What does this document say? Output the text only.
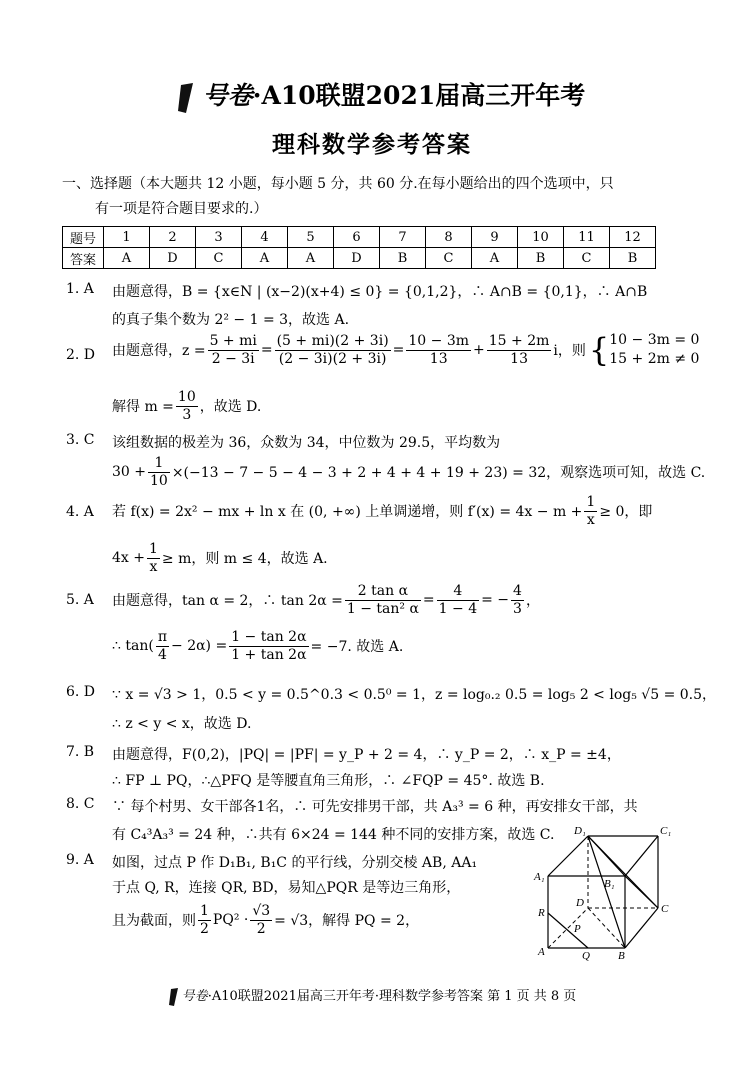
号卷·A10联盟2021届高三开年考
理科数学参考答案
一、选择题（本大题共 12 小题，每小题 5 分，共 60 分.在每小题给出的四个选项中，只
有一项是符合题目要求的.）
题号	1	2	3	4	5	6	7	8	9	10	11	12
答案	A	D	C	A	A	D	B	C	A	B	C	B
1. A 由题意得，B = {x∈N | (x−2)(x+4) ≤ 0} = {0,1,2}，∴ A∩B = {0,1}，∴ A∩B
的真子集个数为 2² − 1 = 3，故选 A.
2. D 由题意得，$z = \frac{5 + mi}{2 - 3i} = \frac{(5 + mi)(2 + 3i)}{(2 - 3i)(2 + 3i)} = \frac{10 - 3m}{13} + \frac{15 + 2m}{13}$ i，则 { 10 − 3m = 0
15 + 2m ≠ 0
解得 $m = \frac{10}{3}$ ，故选 D.
3. C 该组数据的极差为 36，众数为 34，中位数为 29.5，平均数为
$30 + \frac{1}{10} \times(-13 - 7 - 5 - 4 - 3 + 2 + 4 + 4 + 19 + 23) = 32$，观察选项可知，故选 C.
4. A 若 f(x) = 2x² − mx + ln x 在 (0, +∞) 上单调递增，则 $f'(x) = 4x - m + \frac{1}{x} \ge 0$，即
$4x + \frac{1}{x} \ge m$，则 m ≤ 4，故选 A.
5. A 由题意得，tan α = 2，∴ $\tan 2\alpha = \frac{\text{2 tan α}}{\text{1 − tan² α}} = \frac{4}{1 - 4}$ = − $\frac{4}{3}$ ，
∴ $\tan( \frac{\pi}{4} - 2\alpha) = \frac{1 - \tan 2\alpha}{1 + \tan 2\alpha} = -7$. 故选 A.
6. D ∵ x = √3 > 1，0.5 < y = 0.5^0.3 < 0.5⁰ = 1，z = log₀.₂ 0.5 = log₅ 2 < log₅ √5 = 0.5，
∴ z < y < x，故选 D.
7. B 由题意得，F(0,2)，|PQ| = |PF| = y_P + 2 = 4，∴ y_P = 2，∴ x_P = ±4，
∴ FP ⊥ PQ，∴△PFQ 是等腰直角三角形，∴ ∠FQP = 45°. 故选 B.
8. C ∵ 每个村男、女干部各1名，∴ 可先安排男干部，共 A₃³ = 6 种，再安排女干部，共
有 C₄³A₃³ = 24 种，∴共有 6×24 = 144 种不同的安排方案，故选 C.
9. A 如图，过点 P 作 D₁B₁, B₁C 的平行线，分别交棱 AB, AA₁
于点 Q, R，连接 QR, BD，易知△PQR 是等边三角形，
且为截面，则 $\frac{1}{2} PQ^2 \cdot \frac{√3}{2} = √3$，解得 PQ = 2，
D₁	C₁
A₁
B₁
D	C
R
P
A	Q	B
号卷·A10联盟2021届高三开年考·理科数学参考答案 第 1 页 共 8 页
